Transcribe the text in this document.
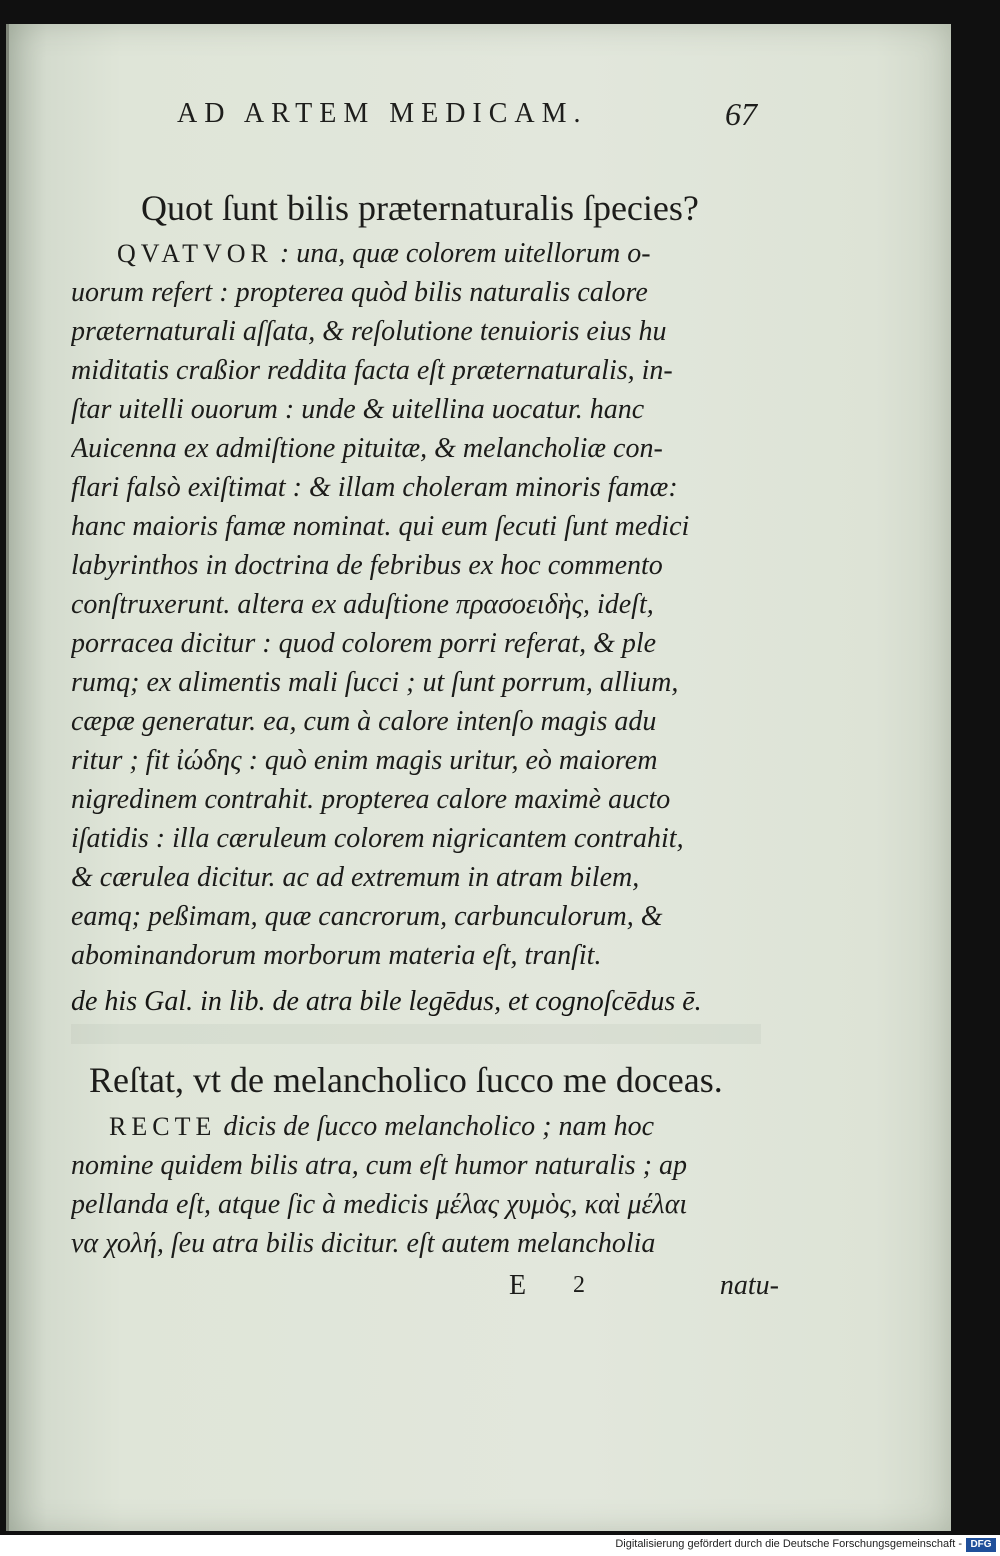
AD ARTEM MEDICAM.	67
Quot ſunt bilis præternaturalis ſpecies?
QVATVOR : una, quæ colorem uitellorum o-
uorum refert : propterea quòd bilis naturalis calore
præternaturali aſſata, & reſolutione tenuioris eius hu
miditatis craßior reddita facta eſt præternaturalis, in-
ſtar uitelli ouorum : unde & uitellina uocatur. hanc
Auicenna ex admiſtione pituitæ, & melancholiæ con-
flari falsò exiſtimat : & illam choleram minoris famæ:
hanc maioris famæ nominat. qui eum ſecuti ſunt medici
labyrinthos in doctrina de febribus ex hoc commento
conſtruxerunt. altera ex aduſtione πρασοειδὴς, ideſt,
porracea dicitur : quod colorem porri referat, & ple
rumq; ex alimentis mali ſucci ; ut ſunt porrum, allium,
cæpæ generatur. ea, cum à calore intenſo magis adu
ritur ; fit ἰώδης : quò enim magis uritur, eò maiorem
nigredinem contrahit. propterea calore maximè aucto
iſatidis : illa cæruleum colorem nigricantem contrahit,
& cærulea dicitur. ac ad extremum in atram bilem,
eamq; peßimam, quæ cancrorum, carbunculorum, &
abominandorum morborum materia eſt, tranſit.
de his Gal. in lib. de atra bile legēdus, et cognoſcēdus ē.
Reſtat, vt de melancholico ſucco me doceas.
RECTE dicis de ſucco melancholico ; nam hoc
nomine quidem bilis atra, cum eſt humor naturalis ; ap
pellanda eſt, atque ſic à medicis μέλας χυμὸς, καὶ μέλαι
να χολή, ſeu atra bilis dicitur. eſt autem melancholia
E 2	natu-
Digitalisierung gefördert durch die Deutsche Forschungsgemeinschaft - DFG
